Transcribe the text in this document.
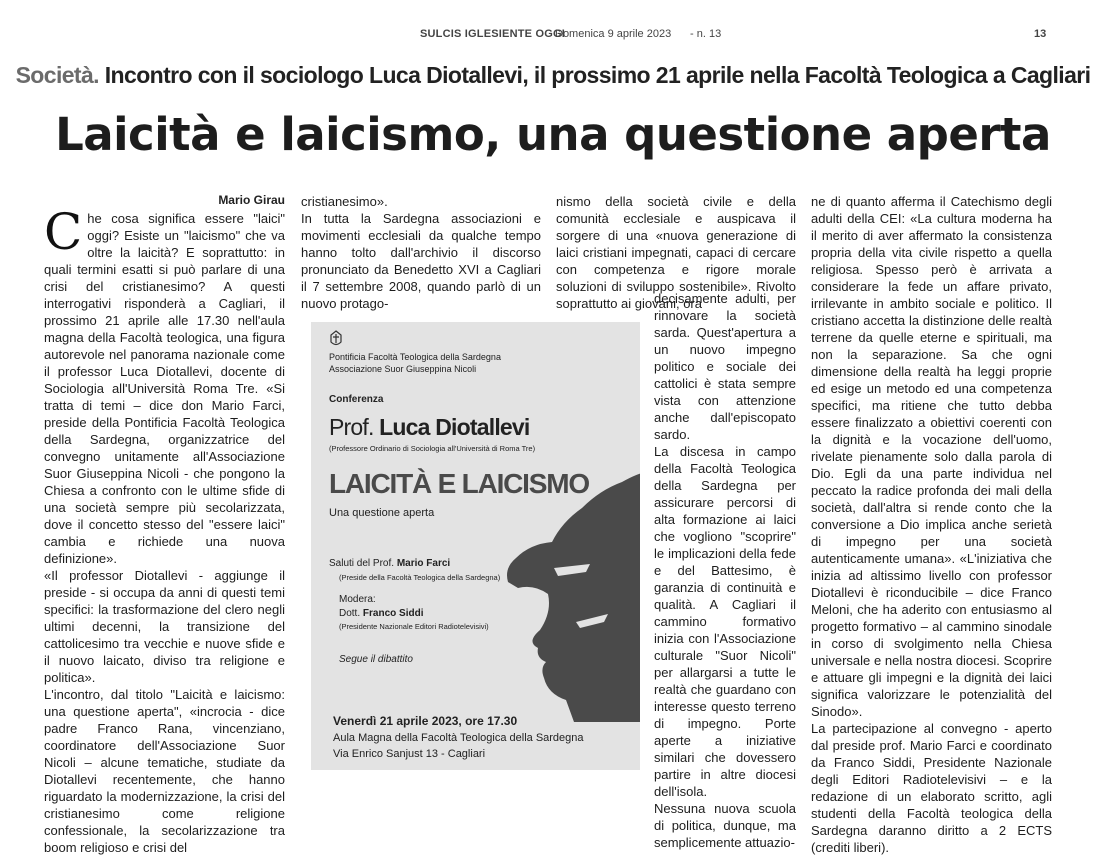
SULCIS IGLESIENTE OGGI
Domenica 9 aprile 2023 - n. 13	13
Società. Incontro con il sociologo Luca Diotallevi, il prossimo 21 aprile nella Facoltà Teologica a Cagliari
Laicità e laicismo, una questione aperta
Mario Girau

Che cosa significa essere "laici" oggi? Esiste un "laicismo" che va oltre la laicità? E soprattutto: in quali termini esatti si può parlare di una crisi del cristianesimo? A questi interrogativi risponderà a Cagliari, il prossimo 21 aprile alle 17.30 nell'aula magna della Facoltà teologica, una figura autorevole nel panorama nazionale come il professor Luca Diotallevi, docente di Sociologia all'Università Roma Tre. «Si tratta di temi – dice don Mario Farci, preside della Pontificia Facoltà Teologica della Sardegna, organizzatrice del convegno unitamente all'Associazione Suor Giuseppina Nicoli - che pongono la Chiesa a confronto con le ultime sfide di una società sempre più secolarizzata, dove il concetto stesso del "essere laici" cambia e richiede una nuova definizione».

«Il professor Diotallevi - aggiunge il preside - si occupa da anni di questi temi specifici: la trasformazione del clero negli ultimi decenni, la transizione del cattolicesimo tra vecchie e nuove sfide e il nuovo laicato, diviso tra religione e politica».

L'incontro, dal titolo "Laicità e laicismo: una questione aperta", «incrocia - dice padre Franco Rana, vincenziano, coordinatore dell'Associazione Suor Nicoli – alcune tematiche, studiate da Diotallevi recentemente, che hanno riguardato la modernizzazione, la crisi del cristianesimo come religione confessionale, la secolarizzazione tra boom religioso e crisi del

cristianesimo».

In tutta la Sardegna associazioni e movimenti ecclesiali da qualche tempo hanno tolto dall'archivio il discorso pronunciato da Benedetto XVI a Cagliari il 7 settembre 2008, quando parlò di un nuovo protago-

nismo della società civile e della comunità ecclesiale e auspicava il sorgere di una «nuova generazione di laici cristiani impegnati, capaci di cercare con competenza e rigore morale soluzioni di sviluppo sostenibile». Rivolto soprattutto ai giovani, ora

decisamente adulti, per rinnovare la società sarda. Quest'apertura a un nuovo impegno politico e sociale dei cattolici è stata sempre vista con attenzione anche dall'episcopato sardo.

La discesa in campo della Facoltà Teologica della Sardegna per assicurare percorsi di alta formazione ai laici che vogliono "scoprire" le implicazioni della fede e del Battesimo, è garanzia di continuità e qualità. A Cagliari il cammino formativo inizia con l'Associazione culturale "Suor Nicoli" per allargarsi a tutte le realtà che guardano con interesse questo terreno di impegno. Porte aperte a iniziative similari che dovessero partire in altre diocesi dell'isola.

Nessuna nuova scuola di politica, dunque, ma semplicemente attuazio-

ne di quanto afferma il Catechismo degli adulti della CEI: «La cultura moderna ha il merito di aver affermato la consistenza propria della vita civile rispetto a quella religiosa. Spesso però è arrivata a considerare la fede un affare privato, irrilevante in ambito sociale e politico. Il cristiano accetta la distinzione delle realtà terrene da quelle eterne e spirituali, ma non la separazione. Sa che ogni dimensione della realtà ha leggi proprie ed esige un metodo ed una competenza specifici, ma ritiene che tutto debba essere finalizzato a obiettivi coerenti con la dignità e la vocazione dell'uomo, rivelate pienamente solo dalla parola di Dio. Egli da una parte individua nel peccato la radice profonda dei mali della società, dall'altra si rende conto che la conversione a Dio implica anche serietà di impegno per una società autenticamente umana». «L'iniziativa che inizia ad altissimo livello con professor Diotallevi è riconducibile – dice Franco Meloni, che ha aderito con entusiasmo al progetto formativo – al cammino sinodale in corso di svolgimento nella Chiesa universale e nella nostra diocesi. Scoprire e attuare gli impegni e la dignità dei laici significa valorizzare le potenzialità del Sinodo».

La partecipazione al convegno - aperto dal preside prof. Mario Farci e coordinato da Franco Siddi, Presidente Nazionale degli Editori Radiotelevisivi – e la redazione di un elaborato scritto, agli studenti della Facoltà teologica della Sardegna daranno diritto a 2 ECTS (crediti liberi).

Pontificia Facoltà Teologica della Sardegna
Associazione Suor Giuseppina Nicoli
Conferenza
Prof. Luca Diotallevi
(Professore Ordinario di Sociologia all'Università di Roma Tre)
LAICITÀ E LAICISMO
Una questione aperta
Saluti del Prof. Mario Farci
(Preside della Facoltà Teologica della Sardegna)
Modera:
Dott. Franco Siddi
(Presidente Nazionale Editori Radiotelevisivi)
Segue il dibattito
Venerdì 21 aprile 2023, ore 17.30
Aula Magna della Facoltà Teologica della Sardegna
Via Enrico Sanjust 13 - Cagliari
